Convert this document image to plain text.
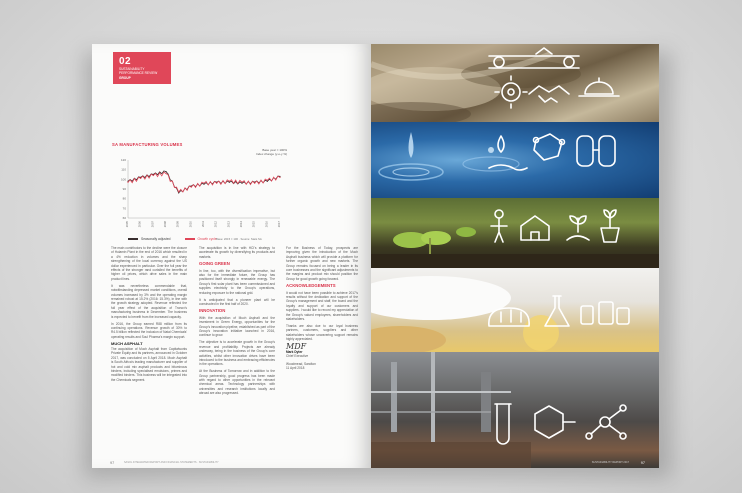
02
SUSTAINABILITY
PERFORMANCE REVIEW
GROUP
SA MANUFACTURING VOLUMES
Base year = 100%
Index change (y-o-y %)
60
70
80
90
100
110
120
2005	2006	2007	2008	2009	2010	2011	2012	2013	2014	2015	2016	2017
Seasonally adjusted	Growth cycle Base: 2015 = 100 · Source: Stats SA

The main contributors to the decline were the closure of Hulamin Plant in the end of 2016 which resulted in a 4% reduction in volumes and the sharp strengthening of the local currency against the US dollar experienced in particular. Over the full year the effects of the stronger rand curtailed the benefits of higher oil prices, which drive sales in the main product lines.

It was nevertheless commendable that, notwithstanding depressed market conditions, overall volumes increased by 3% and the operating margin remained robust at 15.2% (2016: 15.3%), in line with the growth strategy adopted. Revenue reflected the full year effect of the acquisition of Tronox's manufacturing business in December. The business is expected to benefit from the increased capacity.

In 2016, the Group earned R88 million from its continuing operations. Revenue growth of 30% to R4.5 billion reflected the inclusion of Natal Chemicals' operating results and Soul Pharma's margin support.

MUCH ASPHALT

The acquisition of Much Asphalt from Capitalworks Private Equity and its partners, announced in October 2017, was concluded on 5 April 2018. Much Asphalt is South Africa's leading manufacturer and supplier of hot and cold mix asphalt products and bituminous binders, including specialised emulsions, primes and modified binders. This business will be integrated into the Chemicals segment.

The acquisition is in line with HCI's strategy to accelerate its growth by diversifying its products and markets.

GOING GREEN

In line, too, with the diversification imperative, but also for the immediate future, the Group has positioned itself strongly in renewable energy. The Group's first solar plant has been commissioned and supplies electricity to the Group's operations, reducing exposure to the national grid.

It is anticipated that a pioneer plant will be constructed in the first half of 2020.

INNOVATION

With the acquisition of Much Asphalt and the investment in Green Energy, opportunities for the Group's innovation pipeline, established as part of the Group's innovation initiative launched in 2016, continue to grow.

The objective is to accelerate growth in the Group's revenue and profitability. Projects are already underway, being in the business of the Group's core activities, whilst other innovation drives have been introduced to the business and embracing efficiencies in the operations.

At the Business of Tomorrow and in addition to the Group partnership, good progress has been made with regard to other opportunities in the relevant chemical areas. Technology partnerships with universities and research institutions locally and abroad are also progressed.

For the Business of Today, prospects are improving given the introduction of the Much Asphalt business which will provide a platform for further organic growth and new markets. The Group remains focused on being a leader in its core businesses and the significant adjustments to the margins and product mix should position the Group for good growth going forward.

ACKNOWLEDGEMENTS

It would not have been possible to achieve 2017's results without the dedication and support of the Group's management and staff, the board and the loyalty and support of our customers and suppliers. I would like to record my appreciation of the Group's valued employees, shareholders and stakeholders.

Thanks are also due to our loyal business partners, customers, suppliers and other stakeholders whose unwavering support remains highly appreciated.

MDF
Mark Dyter
Chief Executive
Woodmead, Sandton
11 April 2018
97	SASOL INTEGRATED REPORT AND FINANCIAL STATEMENTS · SUSTAINABILITY	97
SUSTAINABILITY REPORT 2017
